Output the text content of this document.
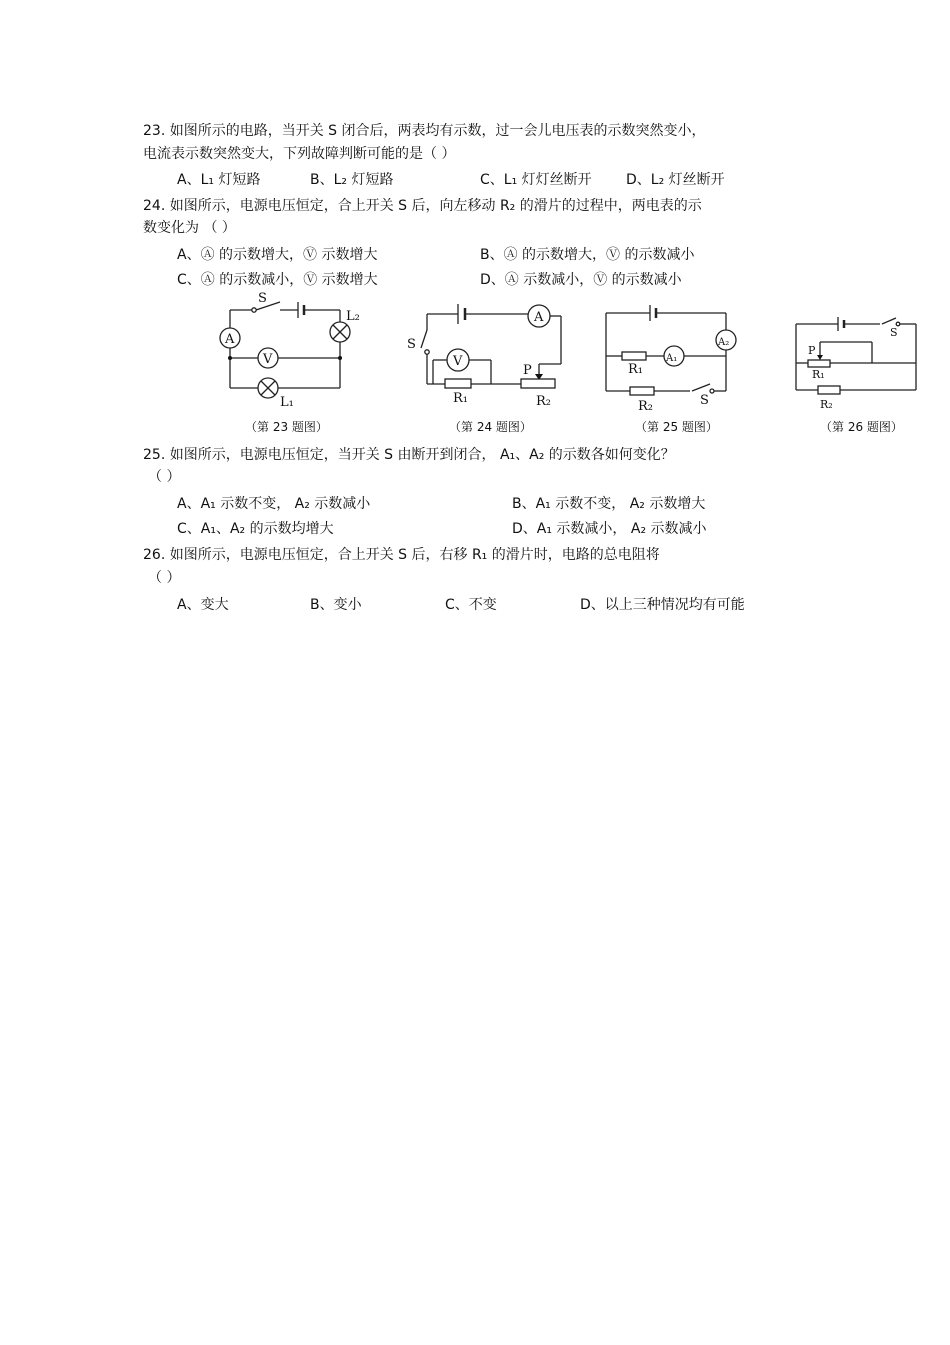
23. 如图所示的电路，当开关 S 闭合后，两表均有示数，过一会儿电压表的示数突然变小，
电流表示数突然变大，下列故障判断可能的是（ ）
A、L₁ 灯短路	B、L₂ 灯短路	C、L₁ 灯灯丝断开 D、L₂ 灯丝断开
24. 如图所示，电源电压恒定，合上开关 S 后，向左移动 R₂ 的滑片的过程中，两电表的示
数变化为 （ ）
A、Ⓐ 的示数增大，Ⓥ 示数增大	B、Ⓐ 的示数增大，Ⓥ 的示数减小
C、Ⓐ 的示数减小，Ⓥ 示数增大	D、Ⓐ 示数减小，Ⓥ 的示数减小
A
V
S
L₂
L₁
（第 23 题图）
A
V
S
R₁
P
R₂
（第 24 题图）
A₂
A₁
R₁
R₂	S
（第 25 题图）
P
R₁
R₂
S
（第 26 题图）
25. 如图所示，电源电压恒定，当开关 S 由断开到闭合， A₁、A₂ 的示数各如何变化？
（ ）
A、A₁ 示数不变， A₂ 示数减小	B、A₁ 示数不变， A₂ 示数增大
C、A₁、A₂ 的示数均增大	D、A₁ 示数减小， A₂ 示数减小
26. 如图所示，电源电压恒定，合上开关 S 后，右移 R₁ 的滑片时，电路的总电阻将
（ ）
A、变大	B、变小	C、不变	D、以上三种情况均有可能
